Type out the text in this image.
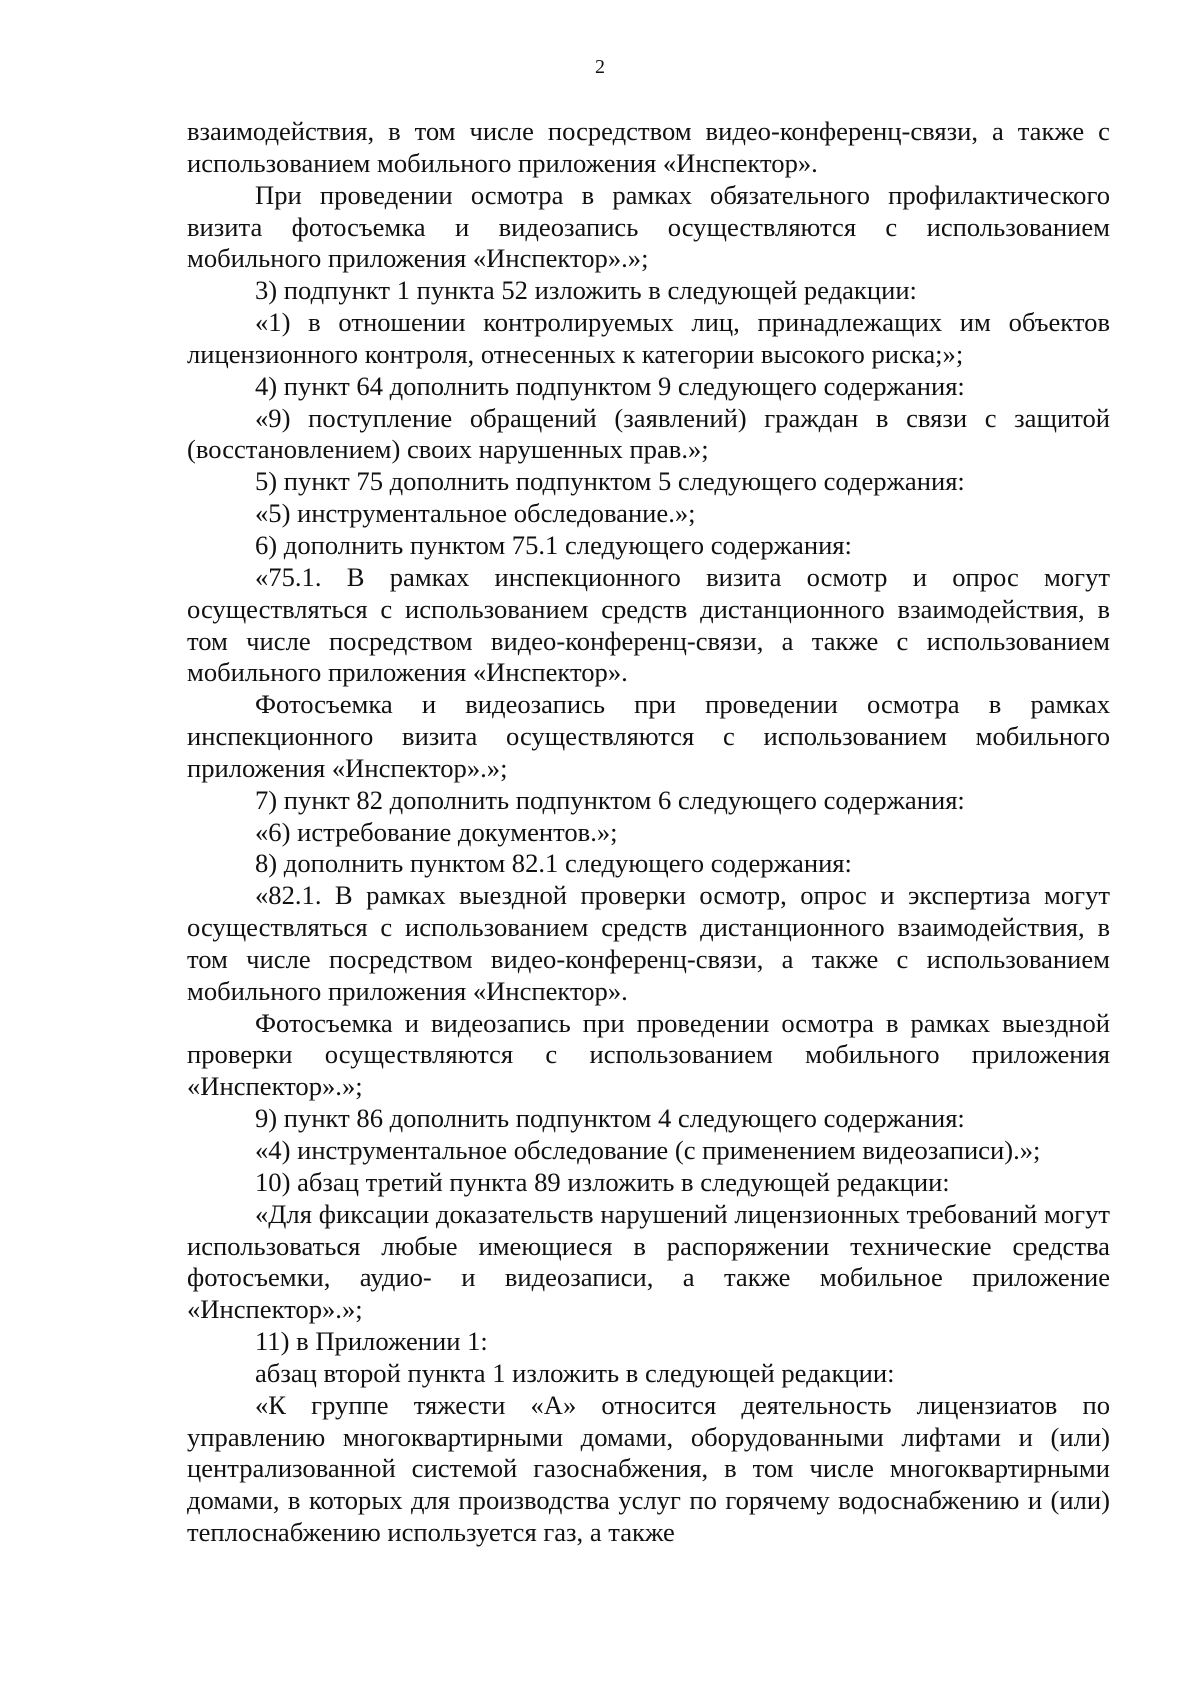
2

взаимодействия, в том числе посредством видео-конференц-связи, а также с использованием мобильного приложения «Инспектор».

При проведении осмотра в рамках обязательного профилактического визита фотосъемка и видеозапись осуществляются с использованием мобильного приложения «Инспектор».»;

3) подпункт 1 пункта 52 изложить в следующей редакции:

«1) в отношении контролируемых лиц, принадлежащих им объектов лицензионного контроля, отнесенных к категории высокого риска;»;

4) пункт 64 дополнить подпунктом 9 следующего содержания:

«9) поступление обращений (заявлений) граждан в связи с защитой (восстановлением) своих нарушенных прав.»;

5) пункт 75 дополнить подпунктом 5 следующего содержания:

«5) инструментальное обследование.»;

6) дополнить пунктом 75.1 следующего содержания:

«75.1. В рамках инспекционного визита осмотр и опрос могут осуществляться с использованием средств дистанционного взаимодействия, в том числе посредством видео-конференц-связи, а также с использованием мобильного приложения «Инспектор».

Фотосъемка и видеозапись при проведении осмотра в рамках инспекционного визита осуществляются с использованием мобильного приложения «Инспектор».»;

7) пункт 82 дополнить подпунктом 6 следующего содержания:

«6) истребование документов.»;

8) дополнить пунктом 82.1 следующего содержания:

«82.1. В рамках выездной проверки осмотр, опрос и экспертиза могут осуществляться с использованием средств дистанционного взаимодействия, в том числе посредством видео-конференц-связи, а также с использованием мобильного приложения «Инспектор».

Фотосъемка и видеозапись при проведении осмотра в рамках выездной проверки осуществляются с использованием мобильного приложения «Инспектор».»;

9) пункт 86 дополнить подпунктом 4 следующего содержания:

«4) инструментальное обследование (с применением видеозаписи).»;

10) абзац третий пункта 89 изложить в следующей редакции:

«Для фиксации доказательств нарушений лицензионных требований могут использоваться любые имеющиеся в распоряжении технические средства фотосъемки, аудио- и видеозаписи, а также мобильное приложение «Инспектор».»;

11) в Приложении 1:

абзац второй пункта 1 изложить в следующей редакции:

«К группе тяжести «А» относится деятельность лицензиатов по управлению многоквартирными домами, оборудованными лифтами и (или) централизованной системой газоснабжения, в том числе многоквартирными домами, в которых для производства услуг по горячему водоснабжению и (или) теплоснабжению используется газ, а также
